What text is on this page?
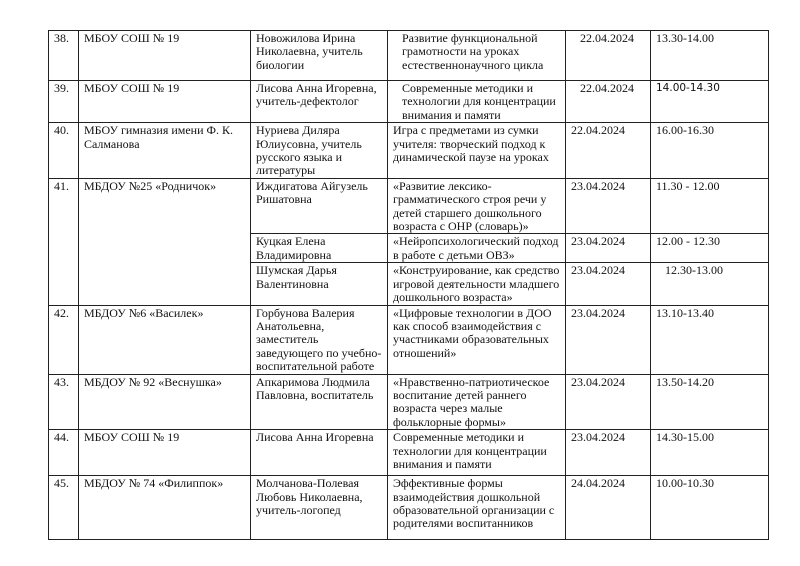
38.	МБОУ СОШ № 19	Новожилова Ирина Николаевна, учитель биологии	Развитие функциональной грамотности на уроках естественнонаучного цикла	22.04.2024	13.30-14.00
39.	МБОУ СОШ № 19	Лисова Анна Игоревна, учитель-дефектолог	Современные методики и технологии для концентрации внимания и памяти	22.04.2024	14.00-14.30
40.	МБОУ гимназия имени Ф. К. Салманова	Нуриева Диляра Юлиусовна, учитель русского языка и литературы	Игра с предметами из сумки учителя: творческий подход к динамической паузе на уроках	22.04.2024	16.00-16.30
41.	МБДОУ №25 «Родничок»	Иждигатова Айгузель Ришатовна	«Развитие лексико-грамматического строя речи у детей старшего дошкольного возраста с ОНР (словарь)»	23.04.2024	11.30 - 12.00
		Куцкая Елена Владимировна	«Нейропсихологический подход в работе с детьми ОВЗ»	23.04.2024	12.00 - 12.30
		Шумская Дарья Валентиновна	«Конструирование, как средство игровой деятельности младшего дошкольного возраста»	23.04.2024	12.30-13.00
42.	МБДОУ №6 «Василек»	Горбунова Валерия Анатольевна, заместитель заведующего по учебно-воспитательной работе	«Цифровые технологии в ДОО как способ взаимодействия с участниками образовательных отношений»	23.04.2024	13.10-13.40
43.	МБДОУ № 92 «Веснушка»	Апкаримова Людмила Павловна, воспитатель	«Нравственно-патриотическое воспитание детей раннего возраста через малые фольклорные формы»	23.04.2024	13.50-14.20
44.	МБОУ СОШ № 19	Лисова Анна Игоревна	Современные методики и технологии для концентрации внимания и памяти	23.04.2024	14.30-15.00
45.	МБДОУ № 74 «Филиппок»	Молчанова-Полевая Любовь Николаевна, учитель-логопед	Эффективные формы взаимодействия дошкольной образовательной организации с родителями воспитанников	24.04.2024	10.00-10.30
